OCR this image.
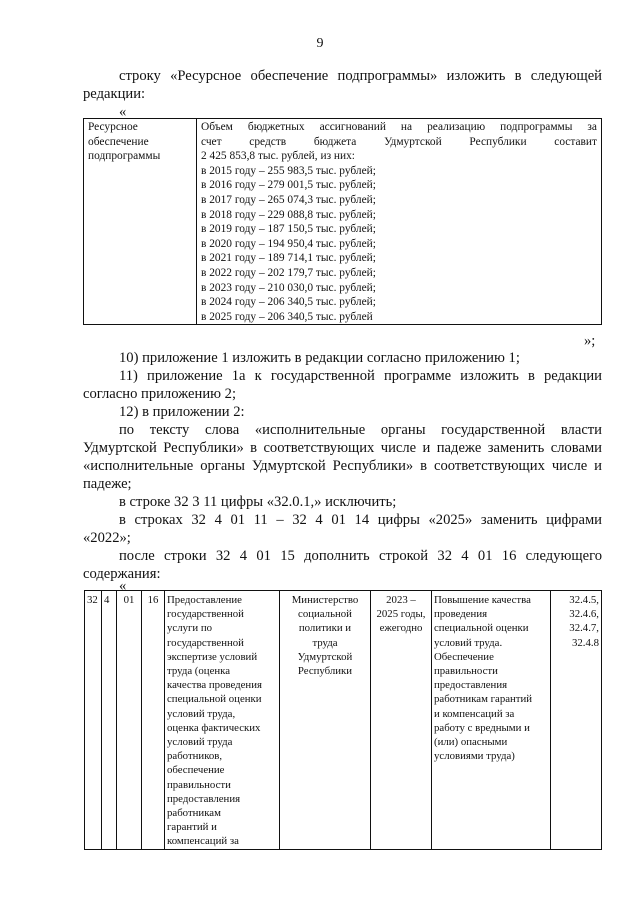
9
строку «Ресурсное обеспечение подпрограммы» изложить в следующей
редакции:
«
Ресурсное
обеспечение
подпрограммы

Объем бюджетных ассигнований на реализацию подпрограммы за
счет средств бюджета Удмуртской Республики составит
2 425 853,8 тыс. рублей, из них:
в 2015 году – 255 983,5 тыс. рублей;
в 2016 году – 279 001,5 тыс. рублей;
в 2017 году – 265 074,3 тыс. рублей;
в 2018 году – 229 088,8 тыс. рублей;
в 2019 году – 187 150,5 тыс. рублей;
в 2020 году – 194 950,4 тыс. рублей;
в 2021 году – 189 714,1 тыс. рублей;
в 2022 году – 202 179,7 тыс. рублей;
в 2023 году – 210 030,0 тыс. рублей;
в 2024 году – 206 340,5 тыс. рублей;
в 2025 году – 206 340,5 тыс. рублей
»;
10) приложение 1 изложить в редакции согласно приложению 1;
11) приложение 1а к государственной программе изложить в редакции
согласно приложению 2;
12) в приложении 2:
по тексту слова «исполнительные органы государственной власти
Удмуртской Республики» в соответствующих числе и падеже заменить словами
«исполнительные органы Удмуртской Республики» в соответствующих числе и
падеже;
в строке 32 3 11 цифры «32.0.1,» исключить;
в строках 32 4 01 11 – 32 4 01 14 цифры «2025» заменить цифрами
«2022»;
после строки 32 4 01 15 дополнить строкой 32 4 01 16 следующего
содержания:
«
32	4	01	16	Предоставление
государственной
услуги по
государственной
экспертизе условий
труда (оценка
качества проведения
специальной оценки
условий труда,
оценка фактических
условий труда
работников,
обеспечение
правильности
предоставления
работникам
гарантий и
компенсаций за

Министерство
социальной
политики и
труда
Удмуртской
Республики

2023 –
2025 годы,
ежегодно

Повышение качества
проведения
специальной оценки
условий труда.
Обеспечение
правильности
предоставления
работникам гарантий
и компенсаций за
работу с вредными и
(или) опасными
условиями труда)

32.4.5,
32.4.6,
32.4.7,
32.4.8
